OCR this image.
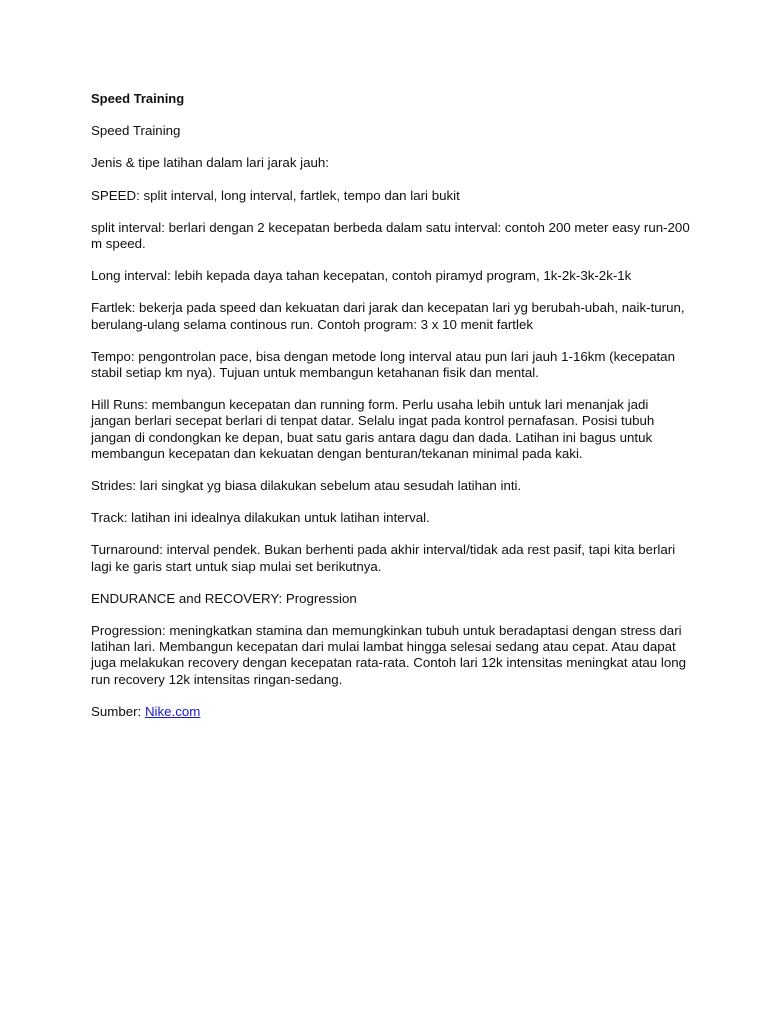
Speed Training
Speed Training
Jenis & tipe latihan dalam lari jarak jauh:
SPEED: split interval, long interval, fartlek, tempo dan lari bukit
split interval: berlari dengan 2 kecepatan berbeda dalam satu interval: contoh 200 meter easy run-200 m speed.
Long interval: lebih kepada daya tahan kecepatan, contoh piramyd program, 1k-2k-3k-2k-1k
Fartlek: bekerja pada speed dan kekuatan dari jarak dan kecepatan lari yg berubah-ubah, naik-turun, berulang-ulang selama continous run. Contoh program: 3 x 10 menit fartlek
Tempo: pengontrolan pace, bisa dengan metode long interval atau pun lari jauh 1-16km (kecepatan stabil setiap km nya). Tujuan untuk membangun ketahanan fisik dan mental.
Hill Runs: membangun kecepatan dan running form. Perlu usaha lebih untuk lari menanjak jadi jangan berlari secepat berlari di tenpat datar. Selalu ingat pada kontrol pernafasan. Posisi tubuh jangan di condongkan ke depan, buat satu garis antara dagu dan dada. Latihan ini bagus untuk membangun kecepatan dan kekuatan dengan benturan/tekanan minimal pada kaki.
Strides: lari singkat yg biasa dilakukan sebelum atau sesudah latihan inti.
Track: latihan ini idealnya dilakukan untuk latihan interval.
Turnaround: interval pendek. Bukan berhenti pada akhir interval/tidak ada rest pasif, tapi kita berlari lagi ke garis start untuk siap mulai set berikutnya.
ENDURANCE and RECOVERY: Progression
Progression: meningkatkan stamina dan memungkinkan tubuh untuk beradaptasi dengan stress dari latihan lari. Membangun kecepatan dari mulai lambat hingga selesai sedang atau cepat. Atau dapat juga melakukan recovery dengan kecepatan rata-rata. Contoh lari 12k intensitas meningkat atau long run recovery 12k intensitas ringan-sedang.
Sumber: Nike.com
